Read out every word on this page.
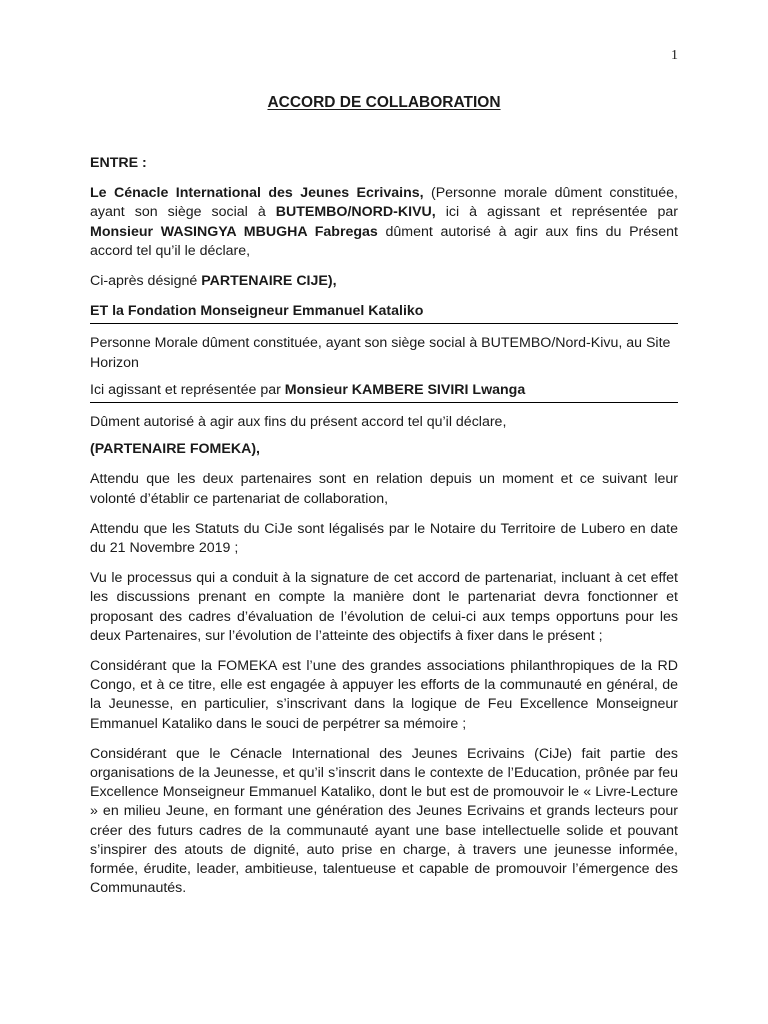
1
ACCORD DE COLLABORATION

ENTRE :

Le Cénacle International des Jeunes Ecrivains, (Personne morale dûment constituée, ayant son siège social à BUTEMBO/NORD-KIVU, ici à agissant et représentée par Monsieur WASINGYA MBUGHA Fabregas dûment autorisé à agir aux fins du Présent accord tel qu’il le déclare,

Ci-après désigné PARTENAIRE CIJE),

ET la Fondation Monseigneur Emmanuel Kataliko

Personne Morale dûment constituée, ayant son siège social à BUTEMBO/Nord-Kivu, au Site Horizon

Ici agissant et représentée par Monsieur KAMBERE SIVIRI Lwanga

Dûment autorisé à agir aux fins du présent accord tel qu’il déclare,

(PARTENAIRE FOMEKA),

Attendu que les deux partenaires sont en relation depuis un moment et ce suivant leur volonté d’établir ce partenariat de collaboration,

Attendu que les Statuts du CiJe sont légalisés par le Notaire du Territoire de Lubero en date du 21 Novembre 2019 ;

Vu le processus qui a conduit à la signature de cet accord de partenariat, incluant à cet effet les discussions prenant en compte la manière dont le partenariat devra fonctionner et proposant des cadres d’évaluation de l’évolution de celui-ci aux temps opportuns pour les deux Partenaires, sur l’évolution de l’atteinte des objectifs à fixer dans le présent ;

Considérant que la FOMEKA est l’une des grandes associations philanthropiques de la RD Congo, et à ce titre, elle est engagée à appuyer les efforts de la communauté en général, de la Jeunesse, en particulier, s’inscrivant dans la logique de Feu Excellence Monseigneur Emmanuel Kataliko dans le souci de perpétrer sa mémoire ;

Considérant que le Cénacle International des Jeunes Ecrivains (CiJe) fait partie des organisations de la Jeunesse, et qu’il s’inscrit dans le contexte de l’Education, prônée par feu Excellence Monseigneur Emmanuel Kataliko, dont le but est de promouvoir le « Livre-Lecture » en milieu Jeune, en formant une génération des Jeunes Ecrivains et grands lecteurs pour créer des futurs cadres de la communauté ayant une base intellectuelle solide et pouvant s’inspirer des atouts de dignité, auto prise en charge, à travers une jeunesse informée, formée, érudite, leader, ambitieuse, talentueuse et capable de promouvoir l’émergence des Communautés.
